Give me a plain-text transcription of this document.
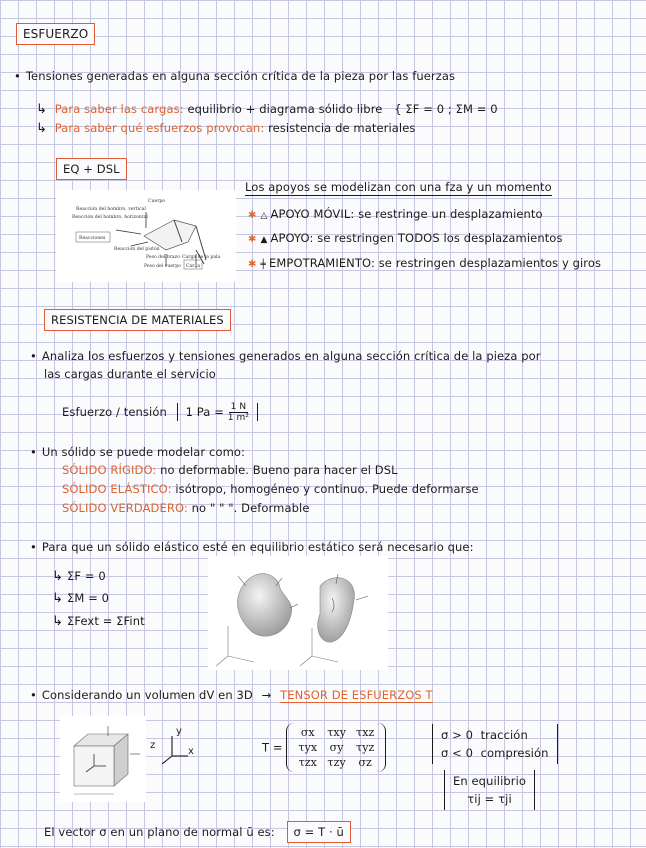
ESFUERZO
• Tensiones generadas en alguna sección crítica de la pieza por las fuerzas
↳ Para saber las cargas: equilibrio + diagrama sólido libre { ΣF = 0 ; ΣM = 0
↳ Para saber qué esfuerzos provocan: resistencia de materiales
EQ + DSL
Cuerpo
Reacción del hombro, vertical
Reacción del hombro, horizontal
Reacciones
Reacción del pistón
Peso del brazo Carga de la pala
Peso del cuerpo Carga
Los apoyos se modelizan con una fza y un momento
✱ △ APOYO MÓVIL: se restringe un desplazamiento
✱ ▲ APOYO: se restringen TODOS los desplazamientos
✱ ╪ EMPOTRAMIENTO: se restringen desplazamientos y giros
RESISTENCIA DE MATERIALES
• Analiza los esfuerzos y tensiones generados en alguna sección crítica de la pieza por
las cargas durante el servicio
Esfuerzo / tensión 1 $Pa = \frac{1 N}{\text{1 m²}}$
• Un sólido se puede modelar como:
SÓLIDO RÍGIDO: no deformable. Bueno para hacer el DSL
SÓLIDO ELÁSTICO: isótropo, homogéneo y continuo. Puede deformarse
SÓLIDO VERDADERO: no " " ". Deformable
• Para que un sólido elástico esté en equilibrio estático será necesario que:
↳ ΣF = 0
↳ ΣM = 0
↳ ΣFext = ΣFint
• Considerando un volumen dV en 3D → TENSOR DE ESFUERZOS T
y
z
x	T =
σx	τxy	τxz
τyx	σy	τyz
τzx	τzy	σz
σ > 0 tracción
σ < 0 compresión
En equilibrio
τij = τji
El vector σ en un plano de normal ū es: σ = T · ū
